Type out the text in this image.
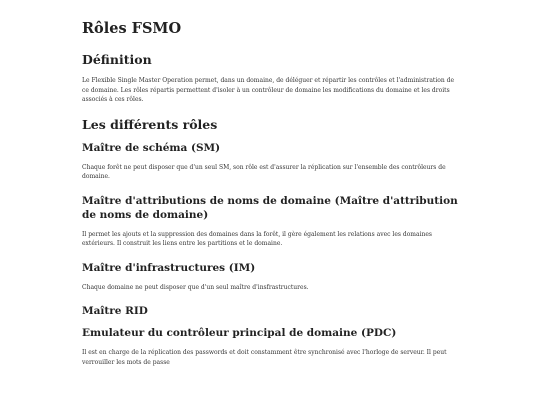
Rôles FSMO
Définition

Le Flexible Single Master Operation permet, dans un domaine, de déléguer et répartir les contrôles et l'administration de ce domaine. Les rôles répartis permettent d'isoler à un contrôleur de domaine les modifications du domaine et les droits associés à ces rôles.

Les différents rôles
Maître de schéma (SM)

Chaque forêt ne peut disposer que d'un seul SM, son rôle est d'assurer la réplication sur l'ensemble des contrôleurs de domaine.

Maître d'attributions de noms de domaine (Maître d'attribution de noms de domaine)

Il permet les ajouts et la suppression des domaines dans la forêt, il gère également les relations avec les domaines extérieurs. Il construit les liens entre les partitions et le domaine.

Maître d'infrastructures (IM)

Chaque domaine ne peut disposer que d'un seul maître d'insfrastructures.

Maître RID
Emulateur du contrôleur principal de domaine (PDC)

Il est en charge de la réplication des passwords et doit constamment être synchronisé avec l'horloge de serveur. Il peut verrouiller les mots de passe
